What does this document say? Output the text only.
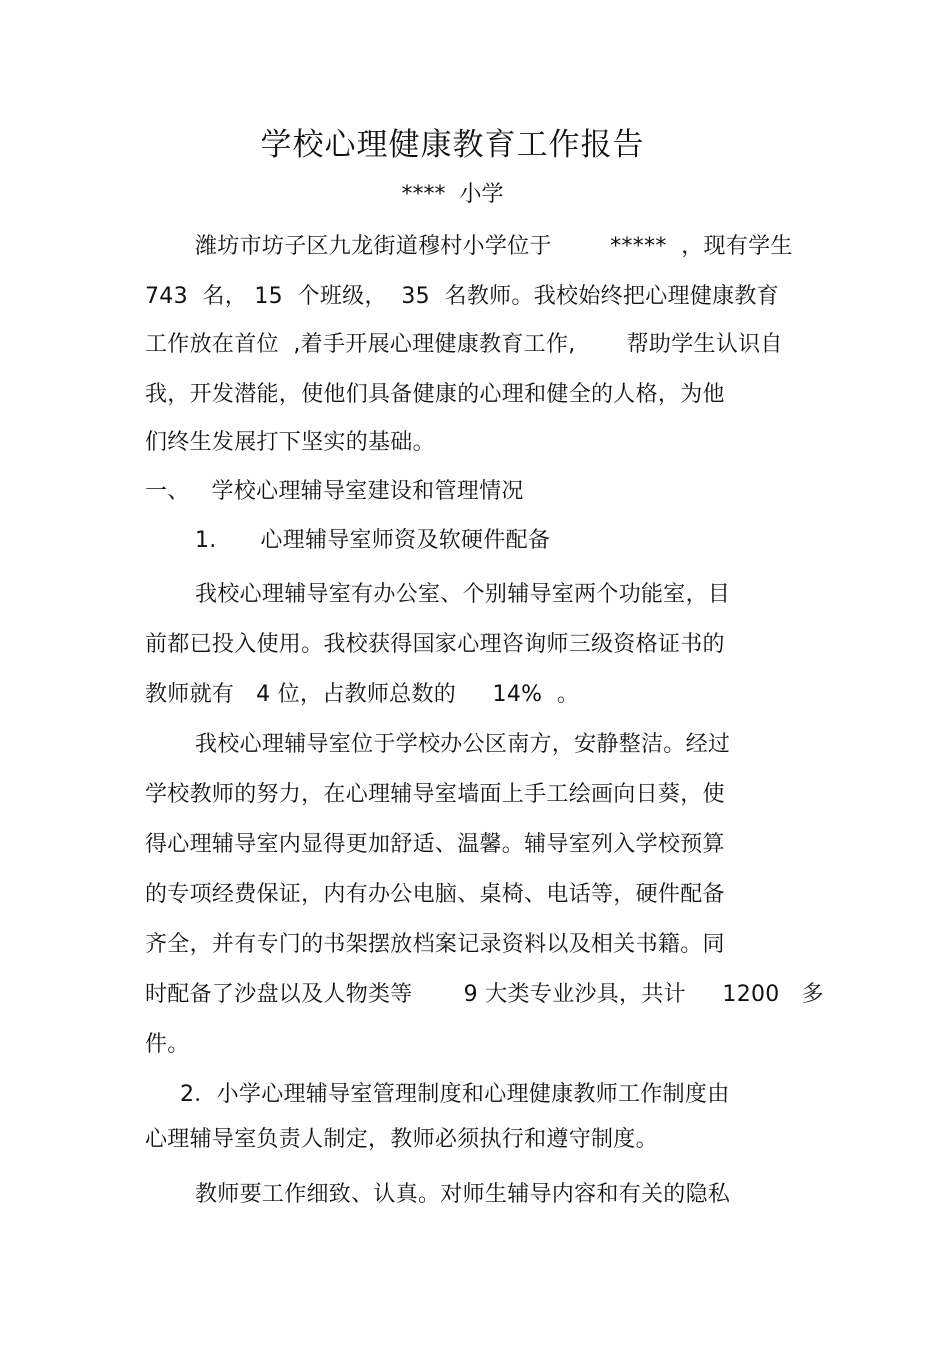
学校心理健康教育工作报告
****  小学
潍坊市坊子区九龙街道穆村小学位于        *****  ，现有学生
743  名， 15  个班级，  35  名教师。我校始终把心理健康教育
工作放在首位  ,着手开展心理健康教育工作,       帮助学生认识自
我，开发潜能，使他们具备健康的心理和健全的人格，为他
们终生发展打下坚实的基础。
一、   学校心理辅导室建设和管理情况
1.      心理辅导室师资及软硬件配备
我校心理辅导室有办公室、个别辅导室两个功能室，目
前都已投入使用。我校获得国家心理咨询师三级资格证书的
教师就有   4 位，占教师总数的     14%  。
我校心理辅导室位于学校办公区南方，安静整洁。经过
学校教师的努力，在心理辅导室墙面上手工绘画向日葵，使
得心理辅导室内显得更加舒适、温馨。辅导室列入学校预算
的专项经费保证，内有办公电脑、桌椅、电话等，硬件配备
齐全，并有专门的书架摆放档案记录资料以及相关书籍。同
时配备了沙盘以及人物类等       9 大类专业沙具，共计     1200   多
件。
2．小学心理辅导室管理制度和心理健康教师工作制度由
心理辅导室负责人制定，教师必须执行和遵守制度。
教师要工作细致、认真。对师生辅导内容和有关的隐私
